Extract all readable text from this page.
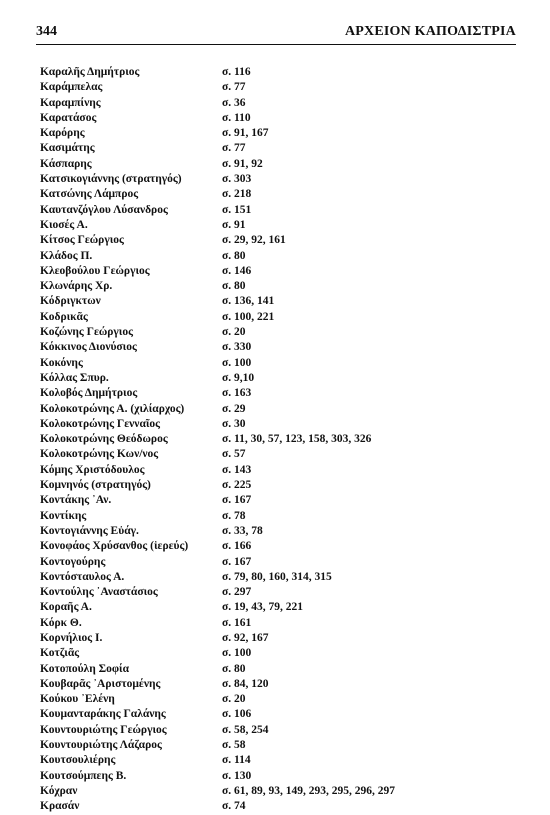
344	ΑΡΧΕΙΟΝ ΚΑΠΟΔΙΣΤΡΙΑ
Καραλῆς Δημήτριος	σ. 116
Καράμπελας	σ. 77
Καραμπίνης	σ. 36
Καρατάσος	σ. 110
Καρόρης	σ. 91, 167
Κασιμάτης	σ. 77
Κάσπαρης	σ. 91, 92
Κατσικογιάννης (στρατηγός)	σ. 303
Κατσώνης Λάμπρος	σ. 218
Καυτανζόγλου Λύσανδρος	σ. 151
Κιοσές Α.	σ. 91
Κίτσος Γεώργιος	σ. 29, 92, 161
Κλάδος Π.	σ. 80
Κλεοβούλου Γεώργιος	σ. 146
Κλωνάρης Χρ.	σ. 80
Κόδριγκτων	σ. 136, 141
Κοδρικᾶς	σ. 100, 221
Κοζώνης Γεώργιος	σ. 20
Κόκκινος Διονύσιος	σ. 330
Κοκόνης	σ. 100
Κόλλας Σπυρ.	σ. 9,10
Κολοβός Δημήτριος	σ. 163
Κολοκοτρώνης Α. (χιλίαρχος)	σ. 29
Κολοκοτρώνης Γενναῖος	σ. 30
Κολοκοτρώνης Θεόδωρος	σ. 11, 30, 57, 123, 158, 303, 326
Κολοκοτρώνης Κων/νος	σ. 57
Κόμης Χριστόδουλος	σ. 143
Κομνηνός (στρατηγός)	σ. 225
Κοντάκης ᾿Αν.	σ. 167
Κοντίκης	σ. 78
Κοντογιάννης Εὐάγ.	σ. 33, 78
Κονοφάος Χρύσανθος (ἱερεύς)	σ. 166
Κοντογούρης	σ. 167
Κοντόσταυλος Α.	σ. 79, 80, 160, 314, 315
Κοντούλης ᾿Αναστάσιος	σ. 297
Κοραῆς Α.	σ. 19, 43, 79, 221
Κόρκ Θ.	σ. 161
Κορνήλιος Ι.	σ. 92, 167
Κοτζιᾶς	σ. 100
Κοτοπούλη Σοφία	σ. 80
Κουβαρᾶς ᾿Αριστομένης	σ. 84, 120
Κούκου ᾿Ελένη	σ. 20
Κουμανταράκης Γαλάνης	σ. 106
Κουντουριώτης Γεώργιος	σ. 58, 254
Κουντουριώτης Λάζαρος	σ. 58
Κουτσουλιέρης	σ. 114
Κουτσούμπεης Β.	σ. 130
Κόχραν	σ. 61, 89, 93, 149, 293, 295, 296, 297
Κρασάν	σ. 74
